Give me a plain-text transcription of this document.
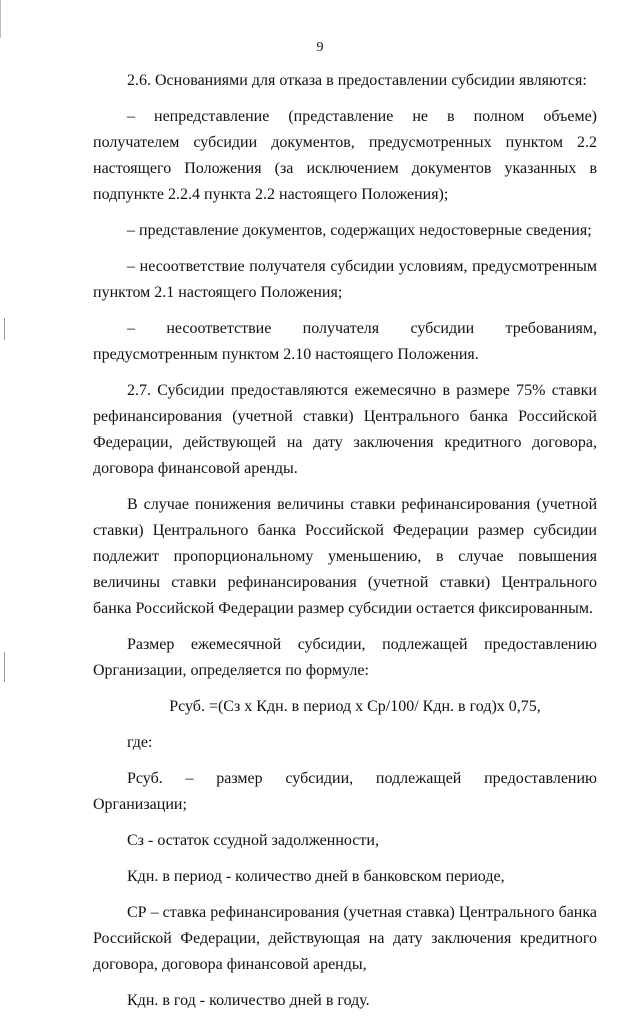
9

2.6. Основаниями для отказа в предоставлении субсидии являются:

– непредставление (представление не в полном объеме) получателем субсидии документов, предусмотренных пунктом 2.2 настоящего Положения (за исключением документов указанных в подпункте 2.2.4 пункта 2.2 настоящего Положения);

– представление документов, содержащих недостоверные сведения;

– несоответствие получателя субсидии условиям, предусмотренным пунктом 2.1 настоящего Положения;

– несоответствие получателя субсидии требованиям, предусмотренным пунктом 2.10 настоящего Положения.

2.7. Субсидии предоставляются ежемесячно в размере 75% ставки рефинансирования (учетной ставки) Центрального банка Российской Федерации, действующей на дату заключения кредитного договора, договора финансовой аренды.

В случае понижения величины ставки рефинансирования (учетной ставки) Центрального банка Российской Федерации размер субсидии подлежит пропорциональному уменьшению, в случае повышения величины ставки рефинансирования (учетной ставки) Центрального банка Российской Федерации размер субсидии остается фиксированным.

Размер ежемесячной субсидии, подлежащей предоставлению Организации, определяется по формуле:

Рсуб. =(Сз х Кдн. в период х Ср/100/ Кдн. в год)х 0,75,

где:

Рсуб. – размер субсидии, подлежащей предоставлению Организации;

Сз - остаток ссудной задолженности,

Кдн. в период - количество дней в банковском периоде,

СР – ставка рефинансирования (учетная ставка) Центрального банка Российской Федерации, действующая на дату заключения кредитного договора, договора финансовой аренды,

Кдн. в год - количество дней в году.
